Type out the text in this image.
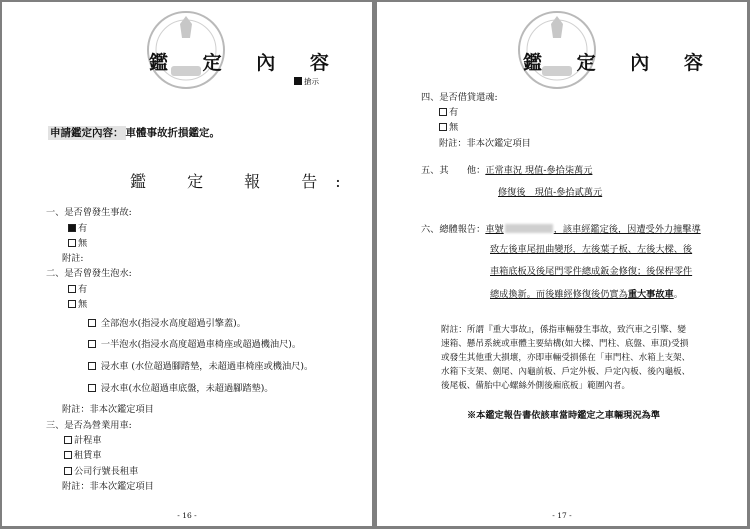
鑑 定 內 容
搶示
申請鑑定內容： 車體事故折損鑑定。
鑑 定 報 告:
一、是否曾發生事故:
有
無
附註:
二、是否曾發生泡水:
有
無
全部泡水(指浸水高度超過引擎蓋)。
一半泡水(指浸水高度超過車椅座或超過機油尺)。
浸水車 (水位超過腳踏墊，未超過車椅座或機油尺)。
浸水車(水位超過車底盤，未超過腳踏墊)。
附註：非本次鑑定項目
三、是否為營業用車:
計程車
租賃車
公司行號長租車
附註：非本次鑑定項目
- 16 -
鑑 定 內 容
四、是否借貸還魂:
有
無
附註：非本次鑑定項目
五、其　　他：正常車況 現值-參拾柒萬元
修復後　現值-參拾貳萬元
六、總體報告：車號	，該車經鑑定後，因遭受外力撞擊導
致左後車尾扭曲變形，左後葉子板、左後大樑、後
車箱底板及後尾門零件總成鈑金修復；後保桿零件
總成換新。而後雖經修復後仍實為重大事故車。
附註：所謂『重大事故』，係指車輛發生事故，致汽車之引擎、變
速箱、懸吊系統或車體主要結構(如大樑、門柱、底盤、車頂)受損
或發生其他重大損壞，亦即車輛受損係在「車門柱、水箱上支架、
水箱下支架、劍尾、內龜前板、戶定外板、戶定內板、後內龜板、
後尾板、備胎中心螺絲外側後廂底板」範圍內者。
※本鑑定報告書依該車當時鑑定之車輛現況為準
- 17 -
